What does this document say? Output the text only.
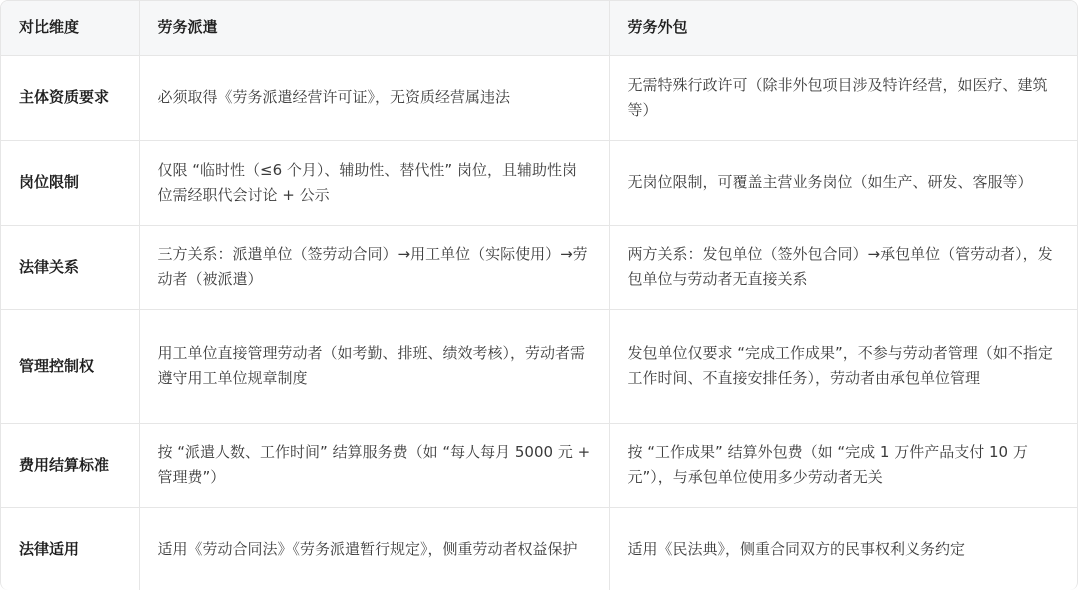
对比维度	劳务派遣	劳务外包
主体资质要求	必须取得《劳务派遣经营许可证》，无资质经营属违法	无需特殊行政许可（除非外包项目涉及特许经营，如医疗、建筑等）
岗位限制	仅限 “临时性（≤6 个月）、辅助性、替代性” 岗位，且辅助性岗位需经职代会讨论 + 公示	无岗位限制，可覆盖主营业务岗位（如生产、研发、客服等）
法律关系	三方关系：派遣单位（签劳动合同）→用工单位（实际使用）→劳动者（被派遣）	两方关系：发包单位（签外包合同）→承包单位（管劳动者），发包单位与劳动者无直接关系
管理控制权	用工单位直接管理劳动者（如考勤、排班、绩效考核），劳动者需遵守用工单位规章制度	发包单位仅要求 “完成工作成果”，不参与劳动者管理（如不指定工作时间、不直接安排任务），劳动者由承包单位管理
费用结算标准	按 “派遣人数、工作时间” 结算服务费（如 “每人每月 5000 元 + 管理费”）	按 “工作成果” 结算外包费（如 “完成 1 万件产品支付 10 万元”），与承包单位使用多少劳动者无关
法律适用	适用《劳动合同法》《劳务派遣暂行规定》，侧重劳动者权益保护	适用《民法典》，侧重合同双方的民事权利义务约定
